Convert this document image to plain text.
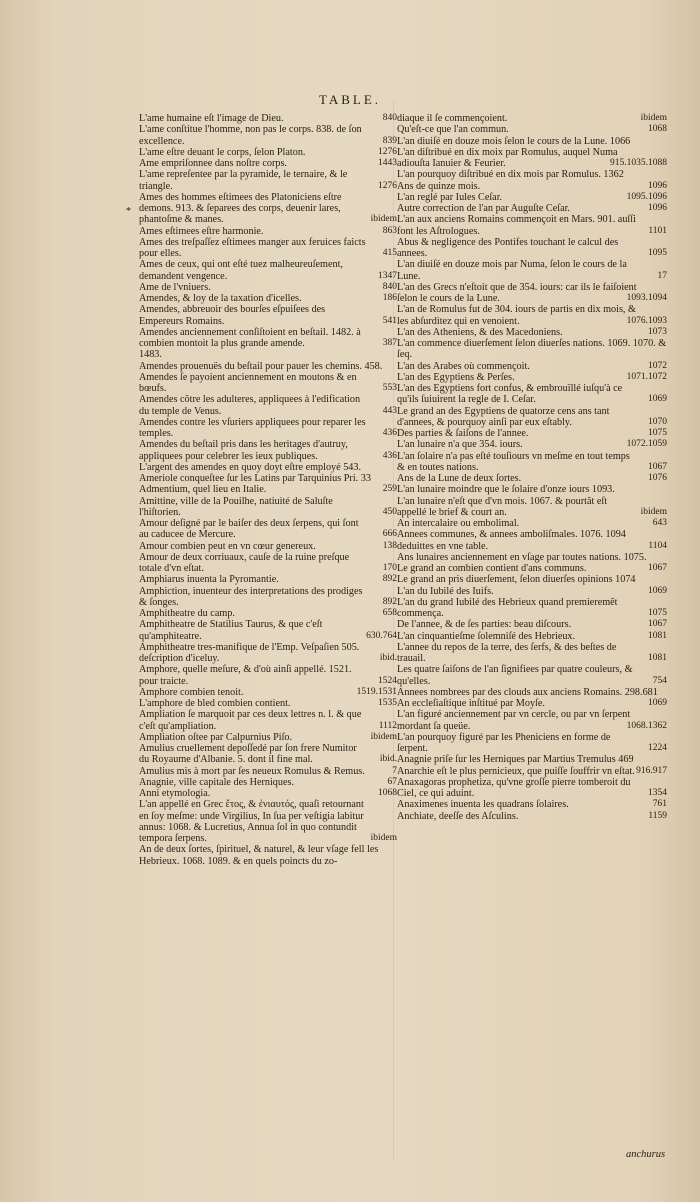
TABLE.
*
L'ame humaine eſt l'image de Dieu.	840
L'ame conſtitue l'homme, non pas le corps. 838. de ſon excellence.	839
L'ame eſtre deuant le corps, ſelon Platon.	1276
Ame empriſonnee dans noſtre corps.	1443
L'ame repreſentee par la pyramide, le ternaire, & le triangle.	1276
Ames des hommes eſtimees des Platoniciens eſtre demons. 913. & ſeparees des corps, deuenir lares, phantoſme & manes.	ibidem
Ames eſtimees eſtre harmonie.	863
Ames des treſpaſſez eſtimees manger aux feruices faicts pour elles.	415
Ames de ceux, qui ont eſté tuez malheureuſement, demandent vengence.	1347
Ame de l'vniuers.	840
Amendes, & loy de la taxation d'icelles.	186
Amendes, abbreuoir des bourſes eſpuiſees des Empereurs Romains.	541
Amendes anciennement conſiſtoient en beſtail. 1482. à combien montoit la plus grande amende.	387
1483.
Amendes prouenuës du beſtail pour pauer les chemins. 458.
Amendes ſe payoient anciennement en moutons & en bœufs.	553
Amendes cõtre les adulteres, appliquees à l'edification du temple de Venus.	443
Amendes contre les vſuriers appliquees pour reparer les temples.	436
Amendes du beſtail pris dans les heritages d'autruy, appliquees pour celebrer les ieux publiques.	436
L'argent des amendes en quoy doyt eſtre employé 543.
Ameriole conqueſtee ſur les Latins par Tarquinius Pri. 33
Admentium, quel lieu en Italie.	259
Amittine, ville de la Pouilhe, natiuité de Saluſte l'hiſtorien.	450
Amour deſigné par le baiſer des deux ſerpens, qui ſont au caducee de Mercure.	666
Amour combien peut en vn cœur genereux.	138
Amour de deux corriuaux, cauſe de la ruine preſque totale d'vn eſtat.	170
Amphiarus inuenta la Pyromantie.	892
Amphiction, inuenteur des interpretations des prodiges & ſonges.	892
Amphitheatre du camp.	658
Amphitheatre de Statilius Taurus, & que c'eſt qu'amphiteatre.	630.764
Amphitheatre tres-manifique de l'Emp. Veſpaſien 505. deſcription d'iceluy.	ibid.
Amphore, quelle meſure, & d'où ainſi appellé. 1521. pour traicte.	1524
Amphore combien tenoit.	1519.1531
L'amphore de bled combien contient.	1535
Ampliation ſe marquoit par ces deux lettres n. l. & que c'eſt qu'ampliation.	1112
Ampliation oſtee par Calpurnius Piſo.	ibidem
Amulius cruellement depoſſedé par ſon frere Numitor du Royaume d'Albanie. 5. dont il fine mal.	ibid.
Amulius mis à mort par ſes neueux Romulus & Remus.	7
Anagnie, ville capitale des Herniques.	67
Anni etymologia.	1068
L'an appellé en Grec ἔτος, & ἐνιαυτός, quaſi retournant en ſoy meſme: unde Virgilius, In ſua per veſtigia labitur annus: 1068. & Lucretius, Annua ſol in quo contundit tempora ſerpens.	ibidem
An de deux ſortes, ſpirituel, & naturel, & leur vſage fell les Hebrieux. 1068. 1089. & en quels poincts du zo-
diaque il ſe commençoient.	ibidem
Qu'eſt-ce que l'an commun.	1068
L'an diuiſé en douze mois ſelon le cours de la Lune. 1066
L'an diſtribué en dix moix par Romulus, auquel Numa adiouſta Ianuier & Feurier.	915.1035.1088
L'an pourquoy diſtribué en dix mois par Romulus. 1362
Ans de quinze mois.	1096
L'an reglé par Iules Ceſar.	1095.1096
Autre correction de l'an par Auguſte Ceſar.	1096
L'an aux anciens Romains commençoit en Mars. 901. auſſi font les Aſtrologues.	1101
Abus & negligence des Pontifes touchant le calcul des annees.	1095
L'an diuiſé en douze mois par Numa, ſelon le cours de la Lune.	17
L'an des Grecs n'eſtoit que de 354. iours: car ils le faiſoient ſelon le cours de la Lune.	1093.1094
L'an de Romulus fut de 304. iours de partis en dix mois, & les abſurditez qui en venoient.	1076.1093
L'an des Atheniens, & des Macedoniens.	1073
L'an commence diuerſement ſelon diuerſes nations. 1069. 1070. & ſeq.
L'an des Arabes où commençoit.	1072
L'an des Egyptiens & Perſes.	1071.1072
L'an des Egyptiens fort confus, & embrouïllé iuſqu'à ce qu'ils ſuiuirent la regle de I. Ceſar.	1069
Le grand an des Egyptiens de quatorze cens ans tant d'annees, & pourquoy ainſi par eux eſtably.	1070
Des parties & ſaiſons de l'annee.	1075
L'an lunaire n'a que 354. iours.	1072.1059
L'an ſolaire n'a pas eſté touſiours vn meſme en tout temps & en toutes nations.	1067
Ans de la Lune de deux ſortes.	1076
L'an lunaire moindre que le ſolaire d'onze iours 1093.
L'an lunaire n'eſt que d'vn mois. 1067. & pourtãt eſt appellé le brief & court an.	ibidem
An intercalaire ou embolimal.	643
Annees communes, & annees amboliſmales. 1076. 1094 deduittes en vne table.	1104
Ans lunaires anciennement en vſage par toutes nations. 1075.
Le grand an combien contient d'ans communs.	1067
Le grand an pris diuerſement, ſelon diuerſes opinions 1074
L'an du Iubilé des Iuifs.	1069
L'an du grand Iubilé des Hebrieux quand premieremẽt commença.	1075
De l'annee, & de ſes parties: beau diſcours.	1067
L'an cinquantieſme ſolemniſé des Hebrieux.	1081
L'annee du repos de la terre, des ſerfs, & des beſtes de trauail.	1081
Les quatre ſaiſons de l'an ſignifiees par quatre couleurs, & qu'elles.	754
Annees nombrees par des clouds aux anciens Romains. 298.681
An eccleſiaſtique inſtitué par Moyſe.	1069
L'an figuré anciennement par vn cercle, ou par vn ſerpent mordant ſa queüe.	1068.1362
L'an pourquoy figuré par les Pheniciens en forme de ſerpent.	1224
Anagnie priſe ſur les Herniques par Martius Tremulus 469
Anarchie eſt le plus pernicieux, que puiſſe ſouffrir vn eſtat. 916.917
Anaxagoras prophetiza, qu'vne groſſe pierre tomberoit du Ciel, ce qui aduint.	1354
Anaximenes inuenta les quadrans ſolaires.	761
Anchiate, deeſſe des Aſculins.	1159
anchurus
